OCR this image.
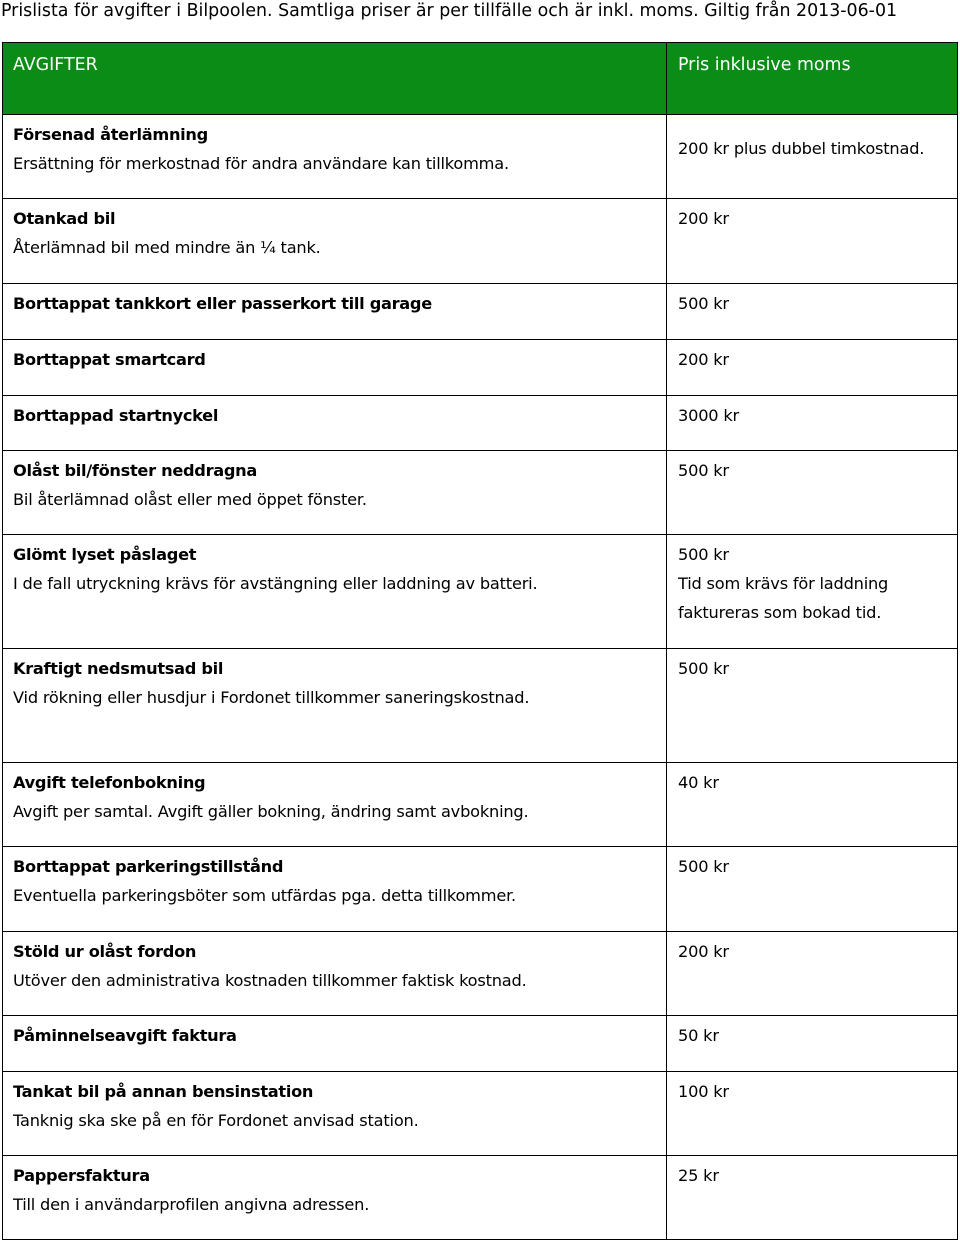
Prislista för avgifter i Bilpoolen. Samtliga priser är per tillfälle och är inkl. moms. Giltig från 2013-06-01
AVGIFTER	Pris inklusive moms

Försenad återlämning
Ersättning för merkostnad för andra användare kan tillkomma.	200 kr plus dubbel timkostnad.

Otankad bil
Återlämnad bil med mindre än ¼ tank.	200 kr

Borttappat tankkort eller passerkort till garage	500 kr

Borttappat smartcard	200 kr

Borttappad startnyckel	3000 kr

Olåst bil/fönster neddragna
Bil återlämnad olåst eller med öppet fönster.	500 kr

Glömt lyset påslaget
I de fall utryckning krävs för avstängning eller laddning av batteri.	500 kr
Tid som krävs för laddning faktureras som bokad tid.

Kraftigt nedsmutsad bil
Vid rökning eller husdjur i Fordonet tillkommer saneringskostnad.	500 kr

Avgift telefonbokning
Avgift per samtal. Avgift gäller bokning, ändring samt avbokning.	40 kr

Borttappat parkeringstillstånd
Eventuella parkeringsböter som utfärdas pga. detta tillkommer.	500 kr

Stöld ur olåst fordon
Utöver den administrativa kostnaden tillkommer faktisk kostnad.	200 kr

Påminnelseavgift faktura	50 kr

Tankat bil på annan bensinstation
Tanknig ska ske på en för Fordonet anvisad station.	100 kr

Pappersfaktura
Till den i användarprofilen angivna adressen.	25 kr
